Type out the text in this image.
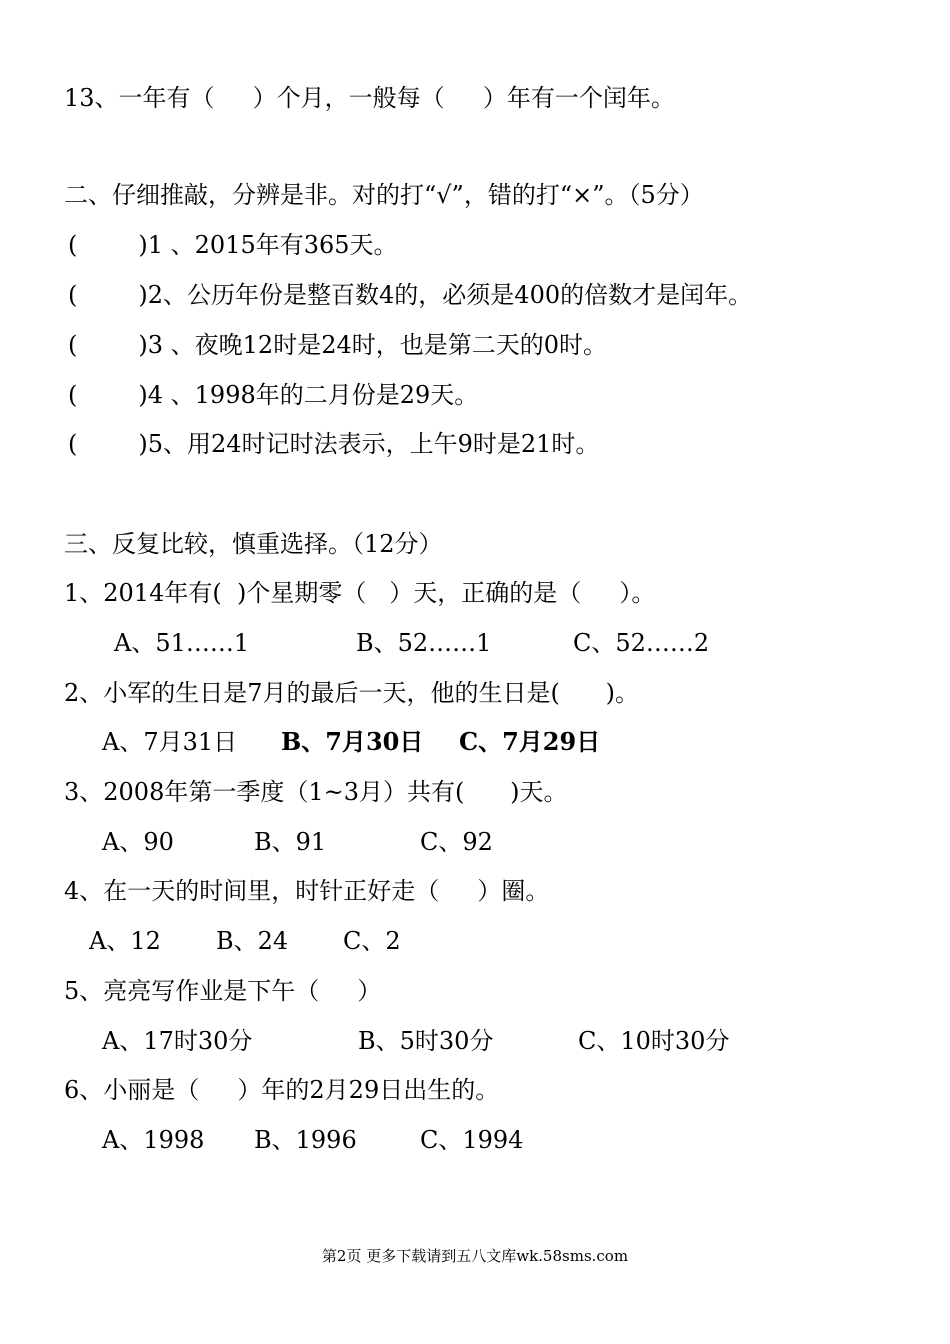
13、一年有（     ）个月，一般每（     ）年有一个闰年。
二、仔细推敲，分辨是非。对的打“√”，错的打“×”。（5分）
(        )1 、2015年有365天。
(        )2、公历年份是整百数4的，必须是400的倍数才是闰年。
(        )3 、夜晚12时是24时，也是第二天的0时。
(        )4 、1998年的二月份是29天。
(        )5、用24时记时法表示，上午9时是21时。
三、反复比较，慎重选择。（12分）
1、2014年有(  )个星期零（   ）天，正确的是（     ）。
A、51……1	B、52……1	C、52……2
2、小军的生日是7月的最后一天，他的生日是(      )。
A、7月31日 B、7月30日 C、7月29日
3、2008年第一季度（1~3月）共有(      )天。
A、90	B、91	C、92
4、在一天的时间里，时针正好走（     ）圈。
A、12 B、24 C、2
5、亮亮写作业是下午（     ）
A、17时30分	B、5时30分	C、10时30分
6、小丽是（     ）年的2月29日出生的。
A、1998 B、1996	C、1994
第2页 更多下载请到五八文库wk.58sms.com
